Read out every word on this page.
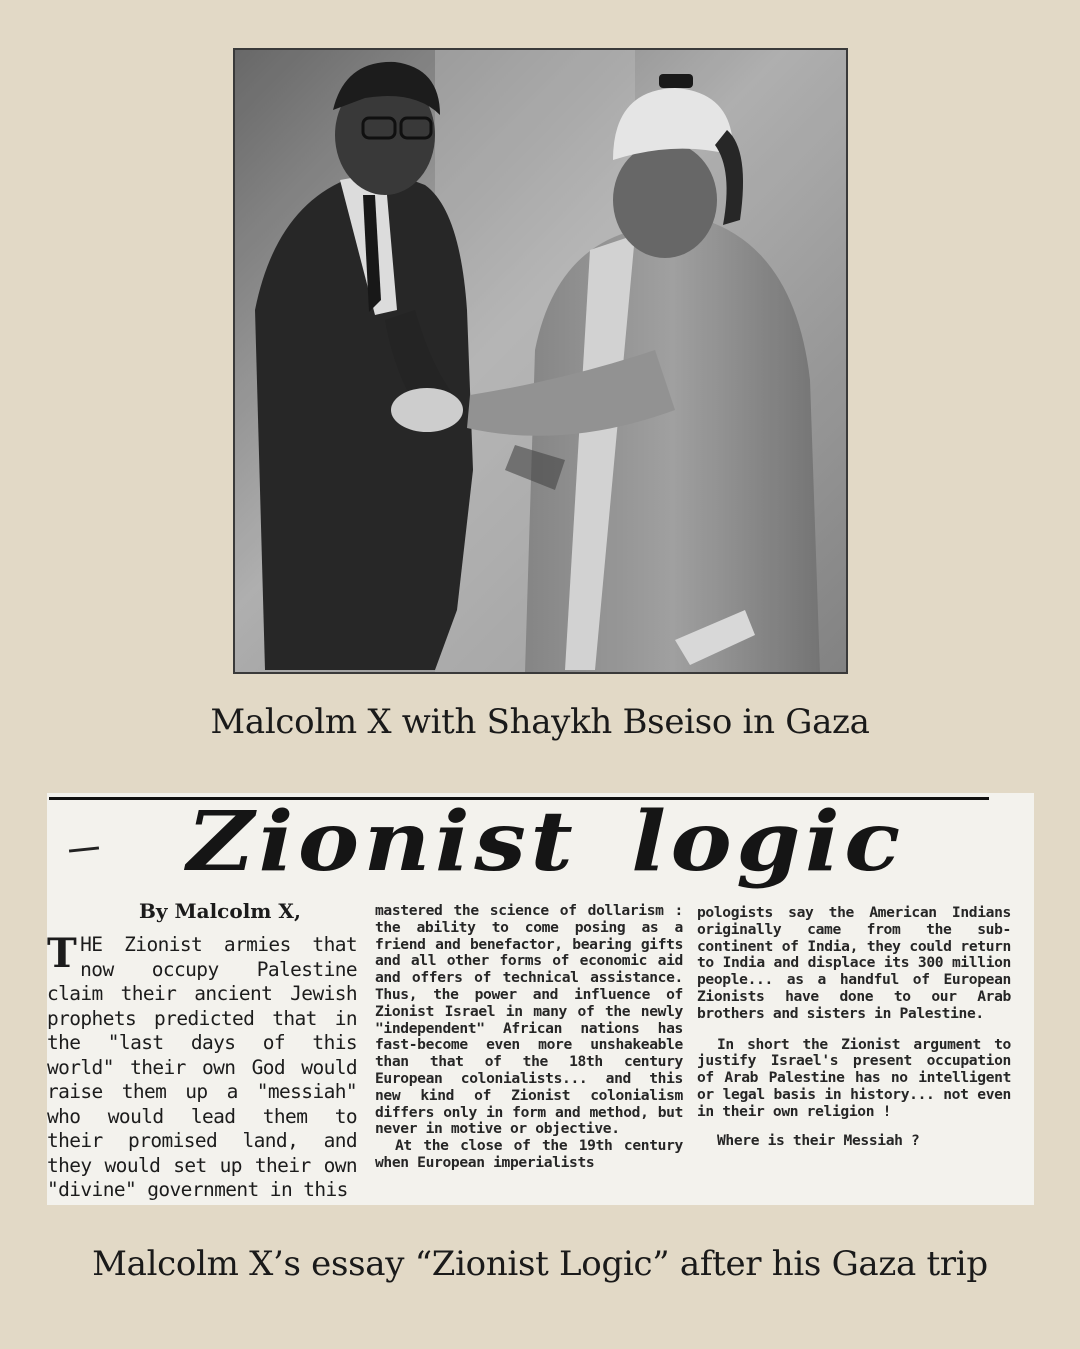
Malcolm X with Shaykh Bseiso in Gaza
Zionist logic
By Malcolm X,
T HE Zionist armies that now occupy Palestine claim their ancient Jewish prophets predicted that in the "last days of this world" their own God would raise them up a "messiah" who would lead them to their promised land, and they would set up their own "divine" government in this

mastered the science of dollarism : the ability to come posing as a friend and benefactor, bearing gifts and all other forms of economic aid and offers of technical assistance. Thus, the power and influence of Zionist Israel in many of the newly "independent" African nations has fast-become even more unshakeable than that of the 18th century European colonialists... and this new kind of Zionist colonialism differs only in form and method, but never in motive or objective.

At the close of the 19th century when European imperialists

pologists say the American Indians originally came from the sub-continent of India, they could return to India and displace its 300 million people... as a handful of European Zionists have done to our Arab brothers and sisters in Palestine.

In short the Zionist argument to justify Israel's present occupation of Arab Palestine has no intelligent or legal basis in history... not even in their own religion !

Where is their Messiah ?

Malcolm X’s essay “Zionist Logic” after his Gaza trip
